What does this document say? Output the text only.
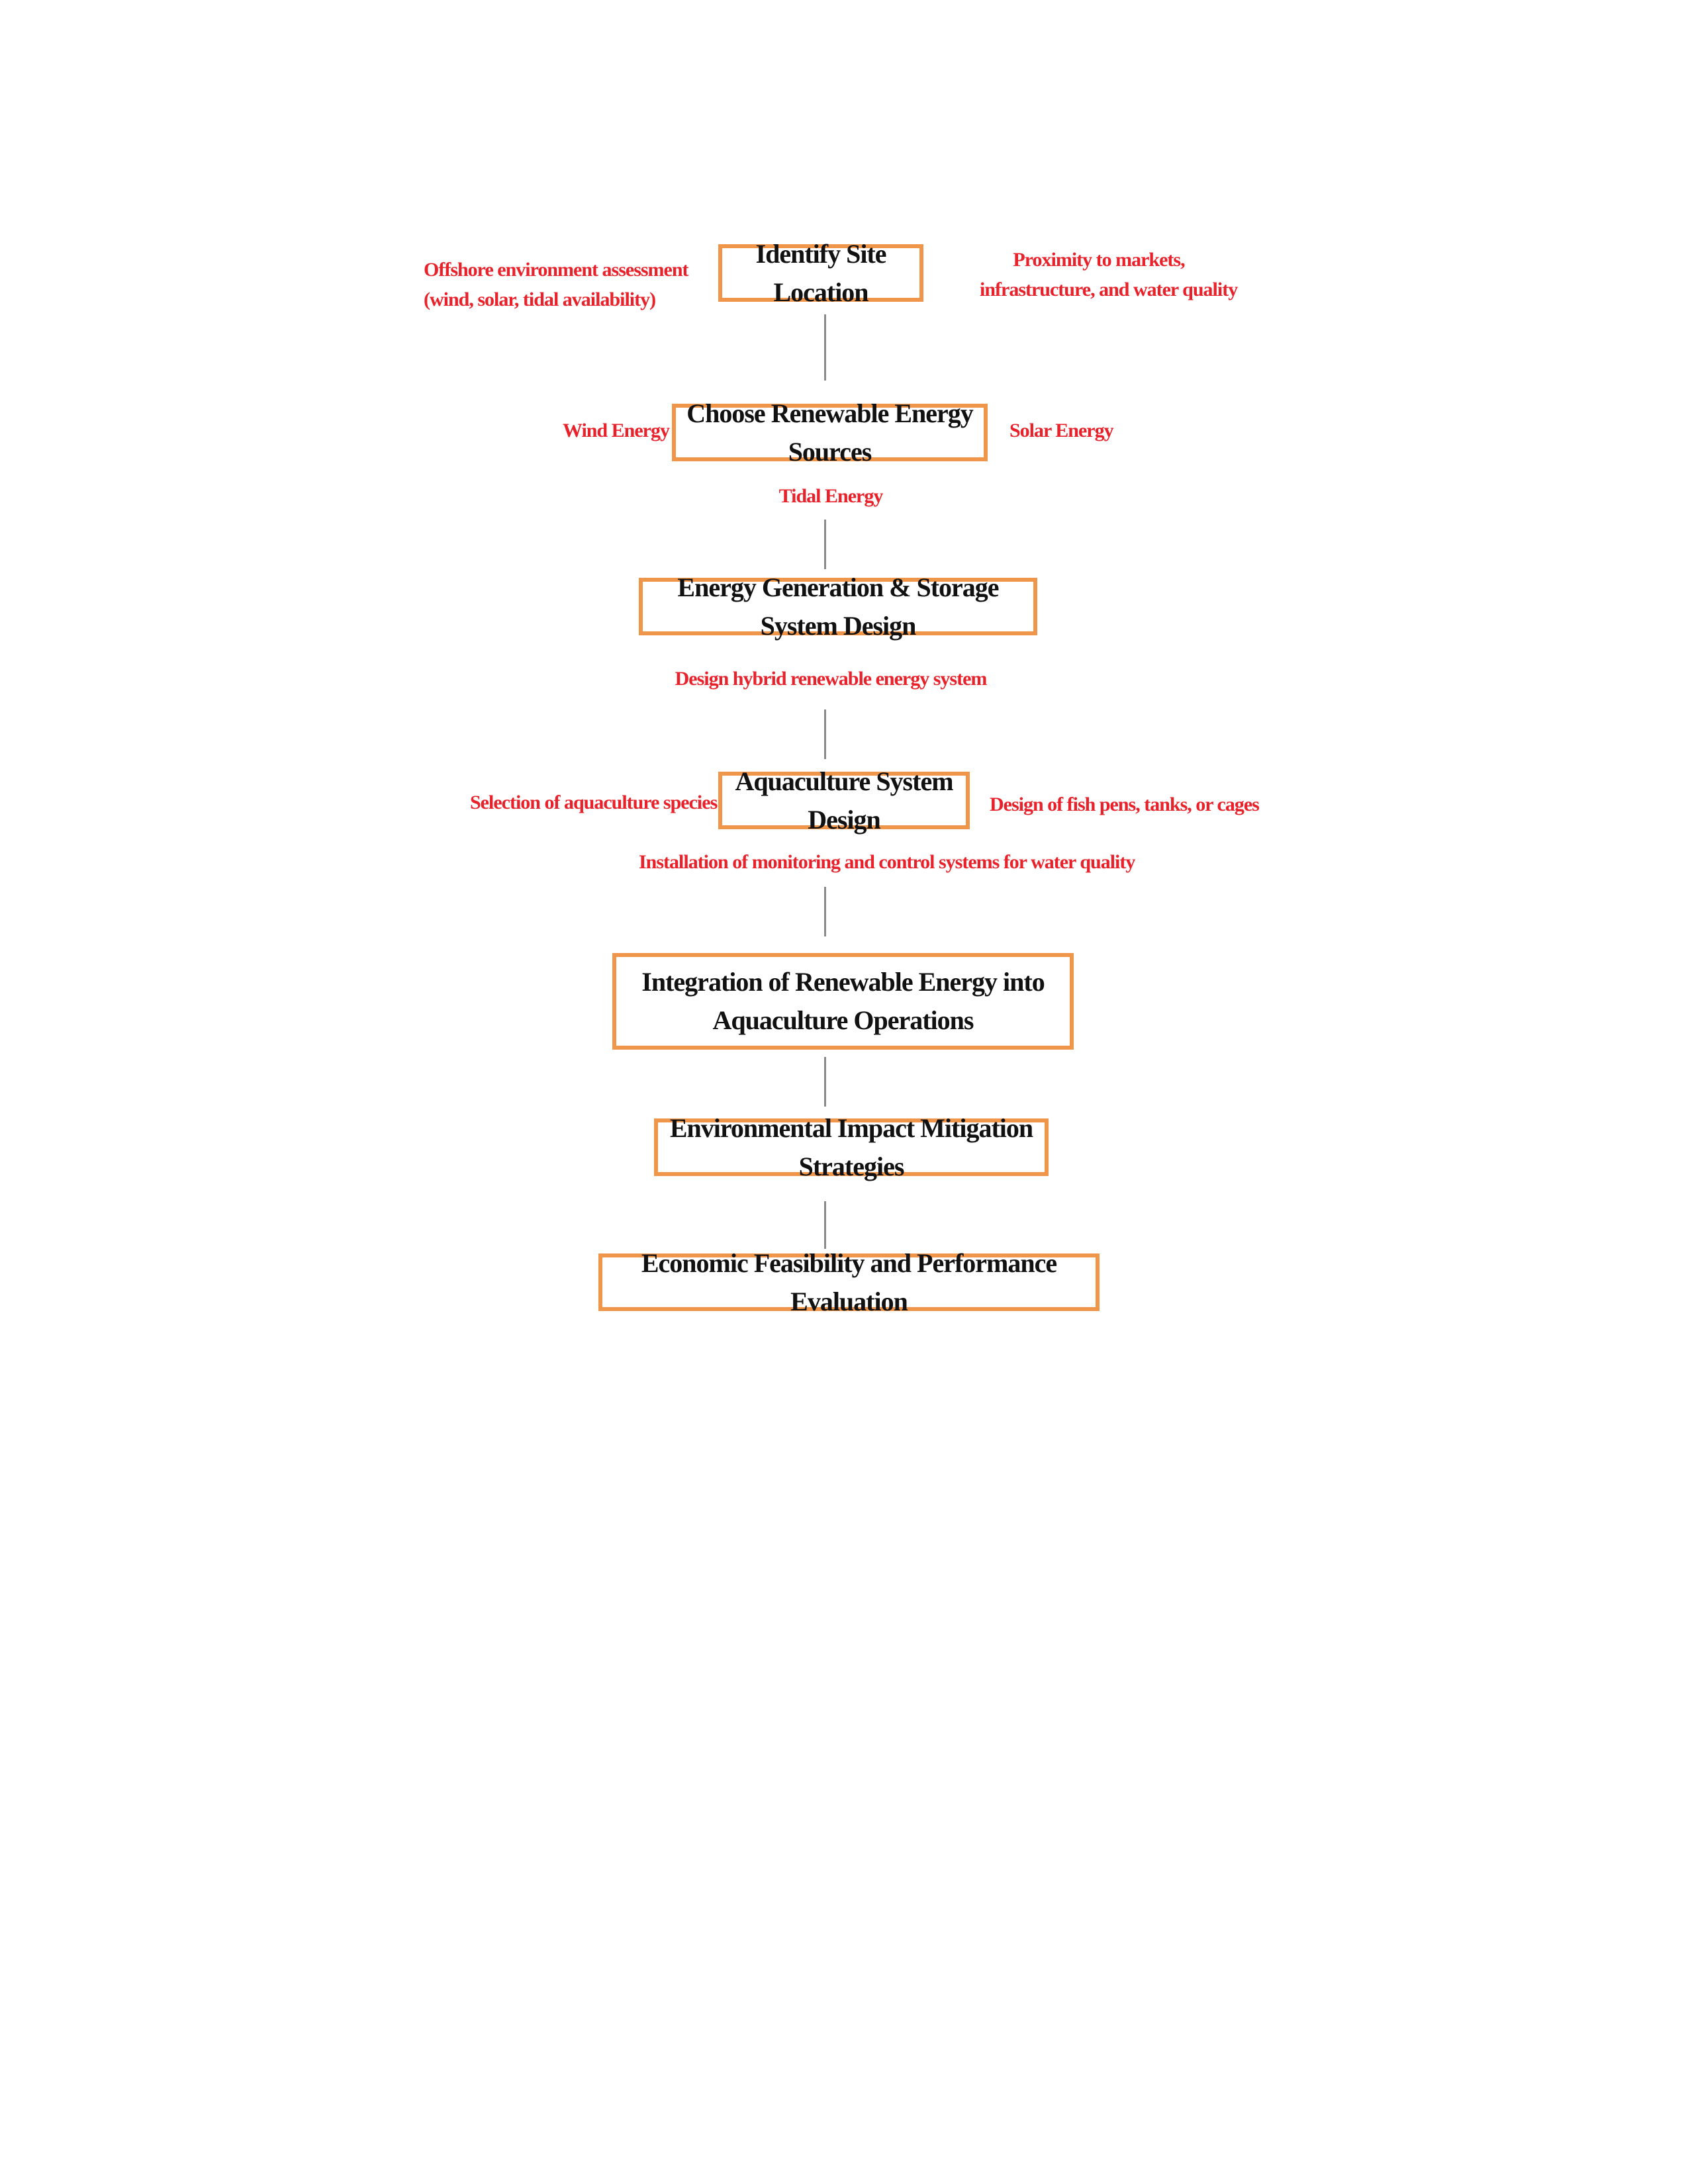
Identify Site Location
Offshore environment assessment
(wind, solar, tidal availability)
Proximity to markets,
infrastructure, and water quality
Choose Renewable Energy Sources
Wind Energy	Solar Energy
Tidal Energy
Energy Generation & Storage System Design
Design hybrid renewable energy system
Aquaculture System Design
Selection of aquaculture species	Design of fish pens, tanks, or cages
Installation of monitoring and control systems for water quality
Integration of Renewable Energy into Aquaculture Operations
Environmental Impact Mitigation Strategies
Economic Feasibility and Performance Evaluation
